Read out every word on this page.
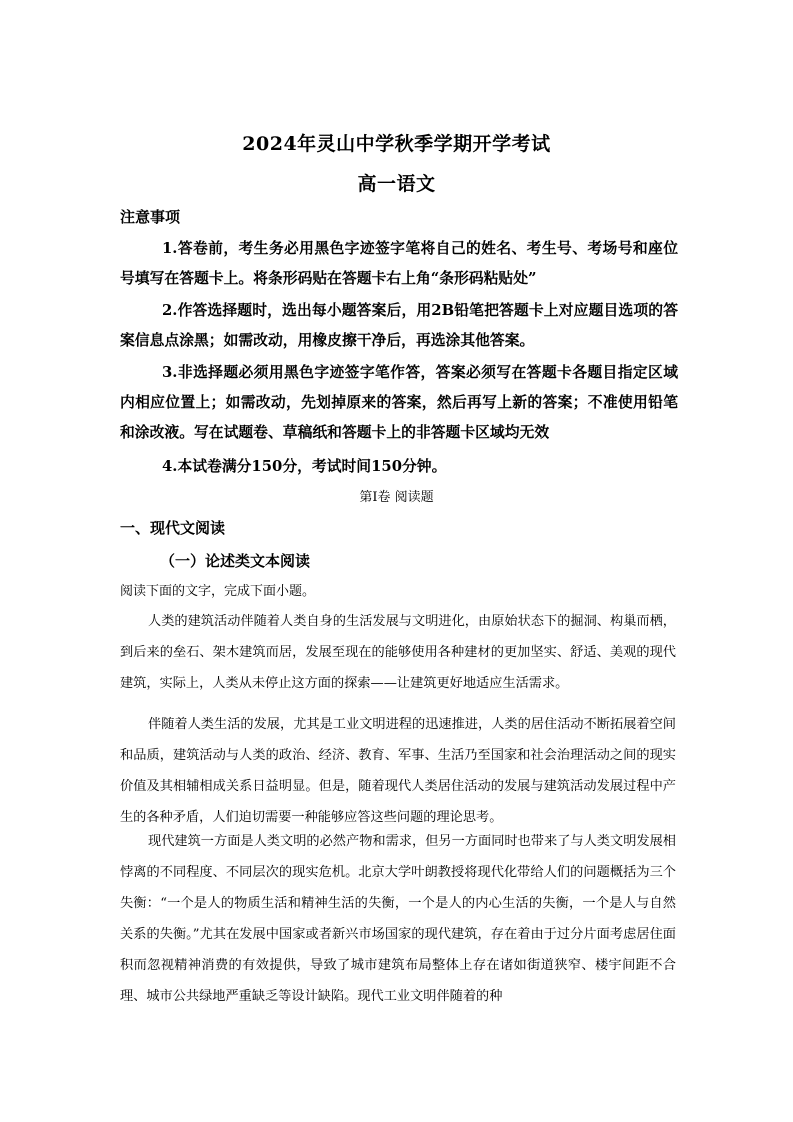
2024年灵山中学秋季学期开学考试
高一语文

注意事项

1.答卷前，考生务必用黑色字迹签字笔将自己的姓名、考生号、考场号和座位号填写在答题卡上。将条形码贴在答题卡右上角“条形码粘贴处”

2.作答选择题时，选出每小题答案后，用2B铅笔把答题卡上对应题目选项的答案信息点涂黑；如需改动，用橡皮擦干净后，再选涂其他答案。

3.非选择题必须用黑色字迹签字笔作答，答案必须写在答题卡各题目指定区域内相应位置上；如需改动，先划掉原来的答案，然后再写上新的答案；不准使用铅笔和涂改液。写在试题卷、草稿纸和答题卡上的非答题卡区域均无效

4.本试卷满分150分，考试时间150分钟。

第Ⅰ卷 阅读题

一、现代文阅读

（一）论述类文本阅读

阅读下面的文字，完成下面小题。

人类的建筑活动伴随着人类自身的生活发展与文明进化，由原始状态下的掘洞、构巢而栖，到后来的垒石、架木建筑而居，发展至现在的能够使用各种建材的更加坚实、舒适、美观的现代建筑，实际上，人类从未停止这方面的探索——让建筑更好地适应生活需求。

伴随着人类生活的发展，尤其是工业文明进程的迅速推进，人类的居住活动不断拓展着空间和品质，建筑活动与人类的政治、经济、教育、军事、生活乃至国家和社会治理活动之间的现实价值及其相辅相成关系日益明显。但是，随着现代人类居住活动的发展与建筑活动发展过程中产生的各种矛盾，人们迫切需要一种能够应答这些问题的理论思考。

现代建筑一方面是人类文明的必然产物和需求，但另一方面同时也带来了与人类文明发展相悖离的不同程度、不同层次的现实危机。北京大学叶朗教授将现代化带给人们的问题概括为三个失衡：“一个是人的物质生活和精神生活的失衡，一个是人的内心生活的失衡，一个是人与自然关系的失衡。”尤其在发展中国家或者新兴市场国家的现代建筑，存在着由于过分片面考虑居住面积而忽视精神消费的有效提供，导致了城市建筑布局整体上存在诸如街道狭窄、楼宇间距不合理、城市公共绿地严重缺乏等设计缺陷。现代工业文明伴随着的种
